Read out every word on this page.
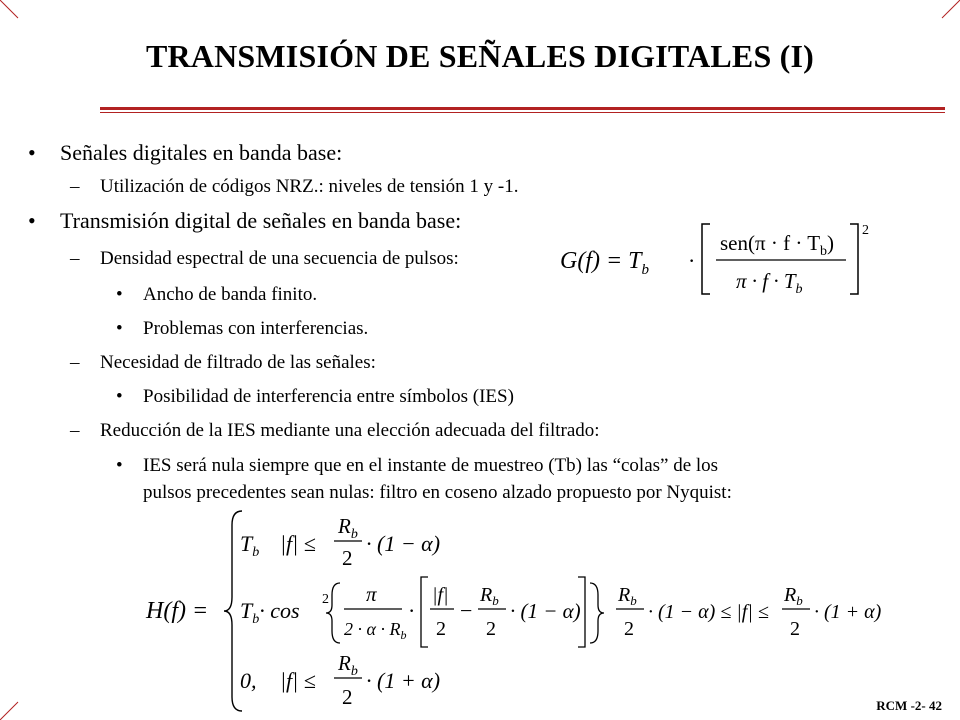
TRANSMISIÓN DE SEÑALES DIGITALES (I)
• Señales digitales en banda base:
– Utilización de códigos NRZ.: niveles de tensión 1 y -1.
• Transmisión digital de señales en banda base:
– Densidad espectral de una secuencia de pulsos:
• Ancho de banda finito.
• Problemas con interferencias.
– Necesidad de filtrado de las señales:
• Posibilidad de interferencia entre símbolos (IES)
– Reducción de la IES mediante una elección adecuada del filtrado:
• IES será nula siempre que en el instante de muestreo (Tb) las “colas” de los
pulsos precedentes sean nulas: filtro en coseno alzado propuesto por Nyquist:
$G(f) = T_b$ ·
$sen(\pi \cdot f \cdot T_b)$
$\pi \cdot f \cdot T_b$
2
H(f) =
$T_b$ |f| ≤
$R_b$
2
· (1 − α)
$T_b\cdot \cos 2$ π
$2 \cdot \alpha \cdot R_b$
·
|f|
2
−
$R_b$
2
· (1 − α)
$R_b$
2
· (1 − α) ≤ |f| ≤
$R_b$
2
· (1 + α)
0, |f| ≤
$R_b$
2
· (1 + α)
RCM -2- 42
